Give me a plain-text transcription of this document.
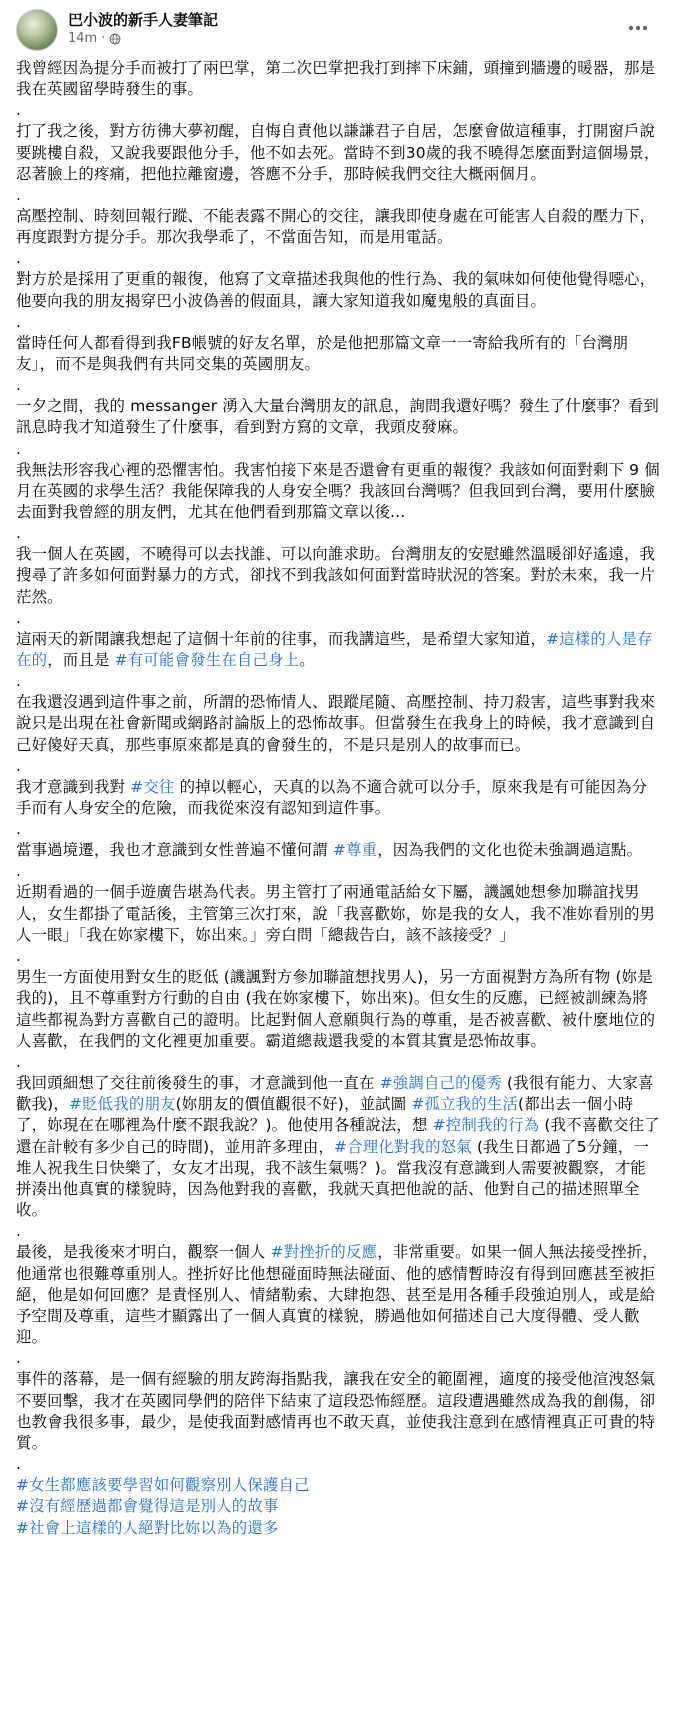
巴小波的新手人妻筆記
14m ·

我曾經因為提分手而被打了兩巴掌，第二次巴掌把我打到摔下床鋪，頭撞到牆邊的暖器，那是我在英國留學時發生的事。

.

打了我之後，對方彷彿大夢初醒，自悔自責他以謙謙君子自居，怎麼會做這種事，打開窗戶說要跳樓自殺，又說我要跟他分手，他不如去死。當時不到30歲的我不曉得怎麼面對這個場景，忍著臉上的疼痛，把他拉離窗邊，答應不分手，那時候我們交往大概兩個月。

.

高壓控制、時刻回報行蹤、不能表露不開心的交往，讓我即使身處在可能害人自殺的壓力下，再度跟對方提分手。那次我學乖了，不當面告知，而是用電話。

.

對方於是採用了更重的報復，他寫了文章描述我與他的性行為、我的氣味如何使他覺得噁心，他要向我的朋友揭穿巴小波偽善的假面具，讓大家知道我如魔鬼般的真面目。

.

當時任何人都看得到我FB帳號的好友名單，於是他把那篇文章一一寄給我所有的「台灣朋友」，而不是與我們有共同交集的英國朋友。

.

一夕之間，我的 messanger 湧入大量台灣朋友的訊息，詢問我還好嗎？發生了什麼事？看到訊息時我才知道發生了什麼事，看到對方寫的文章，我頭皮發麻。

.

我無法形容我心裡的恐懼害怕。我害怕接下來是否還會有更重的報復？我該如何面對剩下 9 個月在英國的求學生活？我能保障我的人身安全嗎？我該回台灣嗎？但我回到台灣，要用什麼臉去面對我曾經的朋友們，尤其在他們看到那篇文章以後...

.

我一個人在英國，不曉得可以去找誰、可以向誰求助。台灣朋友的安慰雖然溫暖卻好遙遠，我搜尋了許多如何面對暴力的方式，卻找不到我該如何面對當時狀況的答案。對於未來，我一片茫然。

.

這兩天的新聞讓我想起了這個十年前的往事，而我講這些，是希望大家知道，#這樣的人是存在的，而且是 #有可能會發生在自己身上。

.

在我還沒遇到這件事之前，所謂的恐怖情人、跟蹤尾隨、高壓控制、持刀殺害，這些事對我來說只是出現在社會新聞或網路討論版上的恐怖故事。但當發生在我身上的時候，我才意識到自己好傻好天真，那些事原來都是真的會發生的，不是只是別人的故事而已。

.

我才意識到我對 #交往 的掉以輕心，天真的以為不適合就可以分手，原來我是有可能因為分手而有人身安全的危險，而我從來沒有認知到這件事。

.

當事過境遷，我也才意識到女性普遍不懂何謂 #尊重，因為我們的文化也從未強調過這點。

.

近期看過的一個手遊廣告堪為代表。男主管打了兩通電話給女下屬，譏諷她想參加聯誼找男人，女生都掛了電話後，主管第三次打來，說「我喜歡妳，妳是我的女人，我不准妳看別的男人一眼」「我在妳家樓下，妳出來。」旁白問「總裁告白，該不該接受？」

.

男生一方面使用對女生的貶低 (譏諷對方參加聯誼想找男人)，另一方面視對方為所有物 (妳是我的)，且不尊重對方行動的自由 (我在妳家樓下，妳出來)。但女生的反應，已經被訓練為將這些都視為對方喜歡自己的證明。比起對個人意願與行為的尊重，是否被喜歡、被什麼地位的人喜歡，在我們的文化裡更加重要。霸道總裁還我愛的本質其實是恐怖故事。

.

我回頭細想了交往前後發生的事，才意識到他一直在 #強調自己的優秀 (我很有能力、大家喜歡我)，#貶低我的朋友(妳朋友的價值觀很不好)，並試圖 #孤立我的生活(都出去一個小時了，妳現在在哪裡為什麼不跟我說？)。他使用各種說法，想 #控制我的行為 (我不喜歡交往了還在計較有多少自己的時間)，並用許多理由，#合理化對我的怒氣 (我生日都過了5分鐘，一堆人祝我生日快樂了，女友才出現，我不該生氣嗎？)。當我沒有意識到人需要被觀察，才能拼湊出他真實的樣貌時，因為他對我的喜歡，我就天真把他說的話、他對自己的描述照單全收。

.

最後，是我後來才明白，觀察一個人 #對挫折的反應，非常重要。如果一個人無法接受挫折，他通常也很難尊重別人。挫折好比他想碰面時無法碰面、他的感情暫時沒有得到回應甚至被拒絕，他是如何回應？是責怪別人、情緒勒索、大肆抱怨、甚至是用各種手段強迫別人，或是給予空間及尊重，這些才顯露出了一個人真實的樣貌，勝過他如何描述自己大度得體、受人歡迎。

.

事件的落幕，是一個有經驗的朋友跨海指點我，讓我在安全的範圍裡，適度的接受他渲洩怒氣不要回擊，我才在英國同學們的陪伴下結束了這段恐怖經歷。這段遭遇雖然成為我的創傷，卻也教會我很多事，最少，是使我面對感情再也不敢天真，並使我注意到在感情裡真正可貴的特質。

.

#女生都應該要學習如何觀察別人保護自己
#沒有經歷過都會覺得這是別人的故事
#社會上這樣的人絕對比妳以為的還多
